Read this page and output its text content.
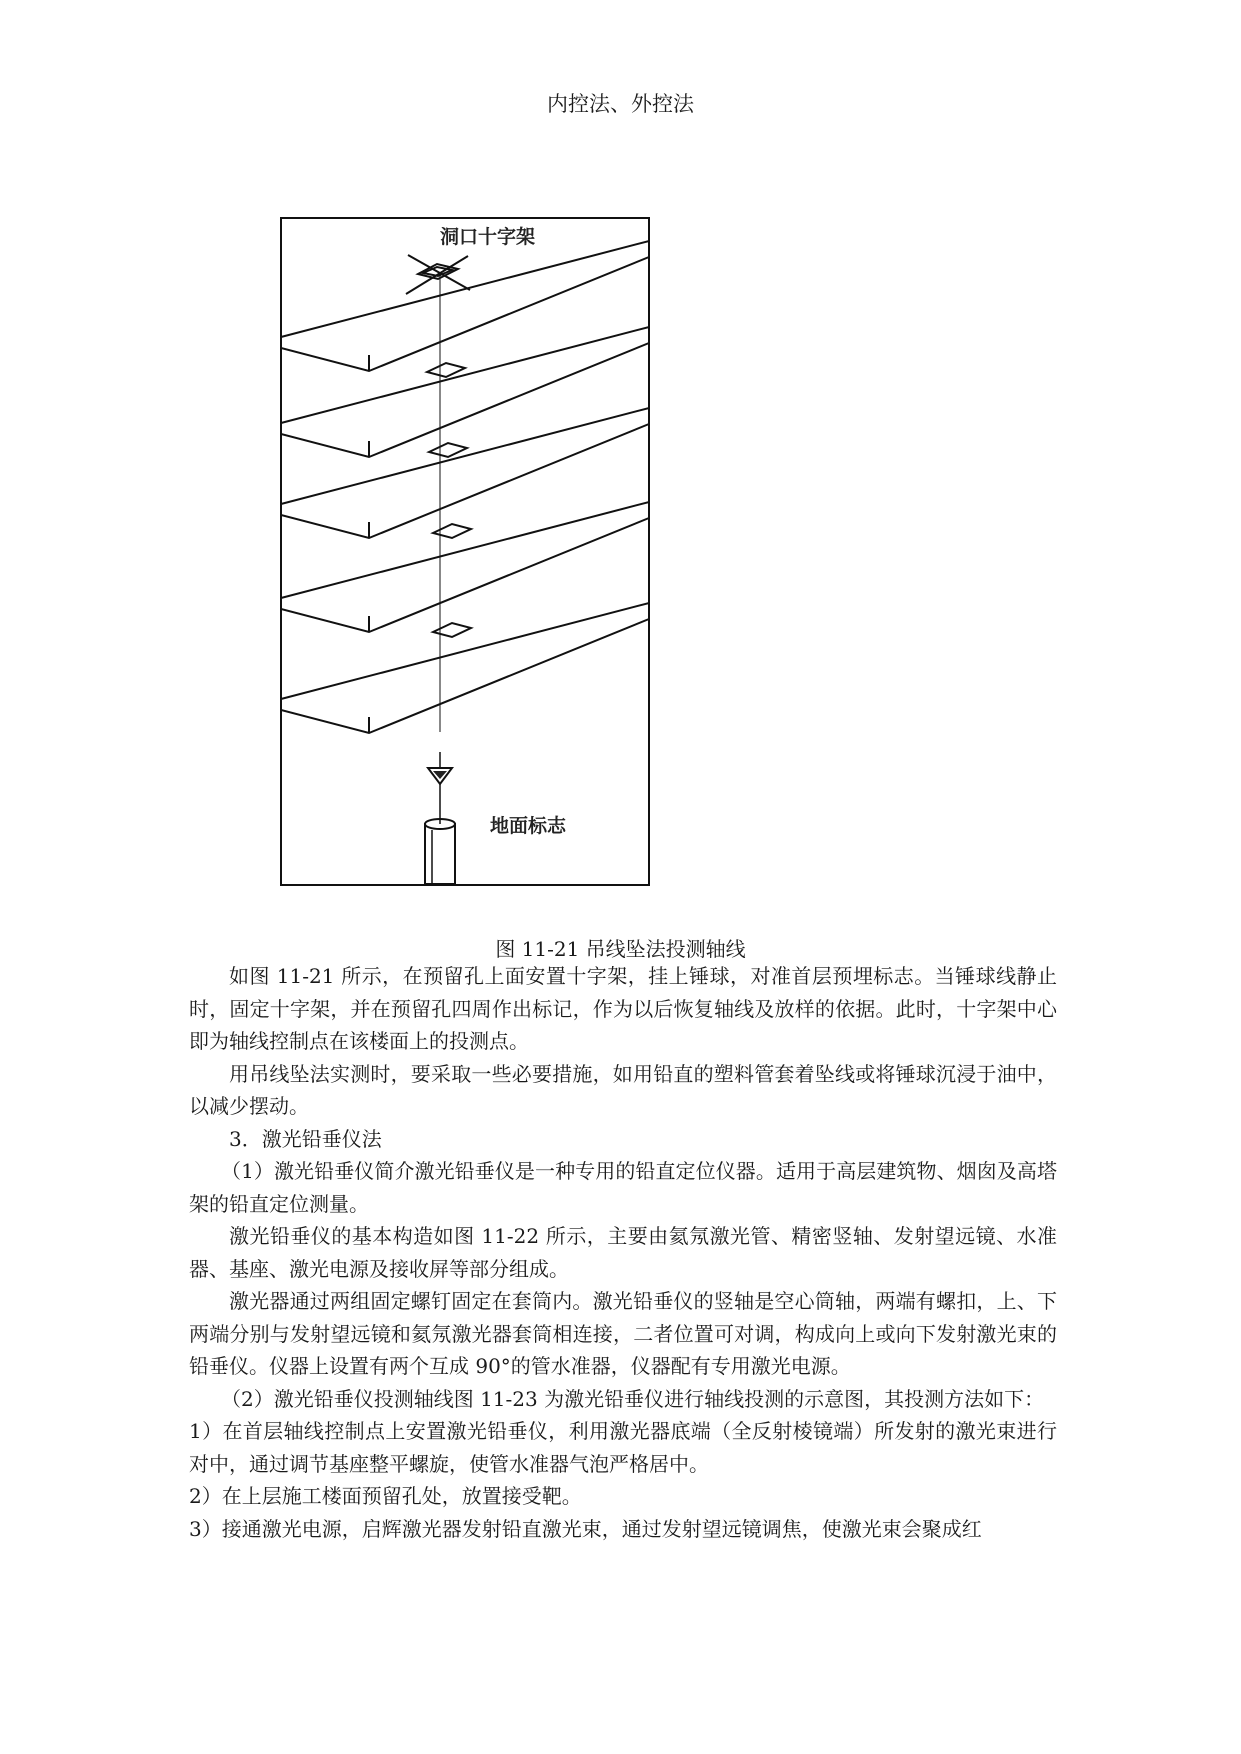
内控法、外控法
洞口十字架
地面标志
图 11-21 吊线坠法投测轴线

如图 11-21 所示，在预留孔上面安置十字架，挂上锤球，对准首层预埋标志。当锤球线静止时，固定十字架，并在预留孔四周作出标记，作为以后恢复轴线及放样的依据。此时，十字架中心即为轴线控制点在该楼面上的投测点。

用吊线坠法实测时，要采取一些必要措施，如用铅直的塑料管套着坠线或将锤球沉浸于油中，以减少摆动。

3．激光铅垂仪法

（1）激光铅垂仪简介激光铅垂仪是一种专用的铅直定位仪器。适用于高层建筑物、烟囱及高塔架的铅直定位测量。

激光铅垂仪的基本构造如图 11-22 所示，主要由氦氖激光管、精密竖轴、发射望远镜、水准器、基座、激光电源及接收屏等部分组成。

激光器通过两组固定螺钉固定在套筒内。激光铅垂仪的竖轴是空心筒轴，两端有螺扣，上、下两端分别与发射望远镜和氦氖激光器套筒相连接，二者位置可对调，构成向上或向下发射激光束的铅垂仪。仪器上设置有两个互成 90°的管水准器，仪器配有专用激光电源。

（2）激光铅垂仪投测轴线图 11-23 为激光铅垂仪进行轴线投测的示意图，其投测方法如下：

1）在首层轴线控制点上安置激光铅垂仪，利用激光器底端（全反射棱镜端）所发射的激光束进行对中，通过调节基座整平螺旋，使管水准器气泡严格居中。

2）在上层施工楼面预留孔处，放置接受靶。

3）接通激光电源，启辉激光器发射铅直激光束，通过发射望远镜调焦，使激光束会聚成红
